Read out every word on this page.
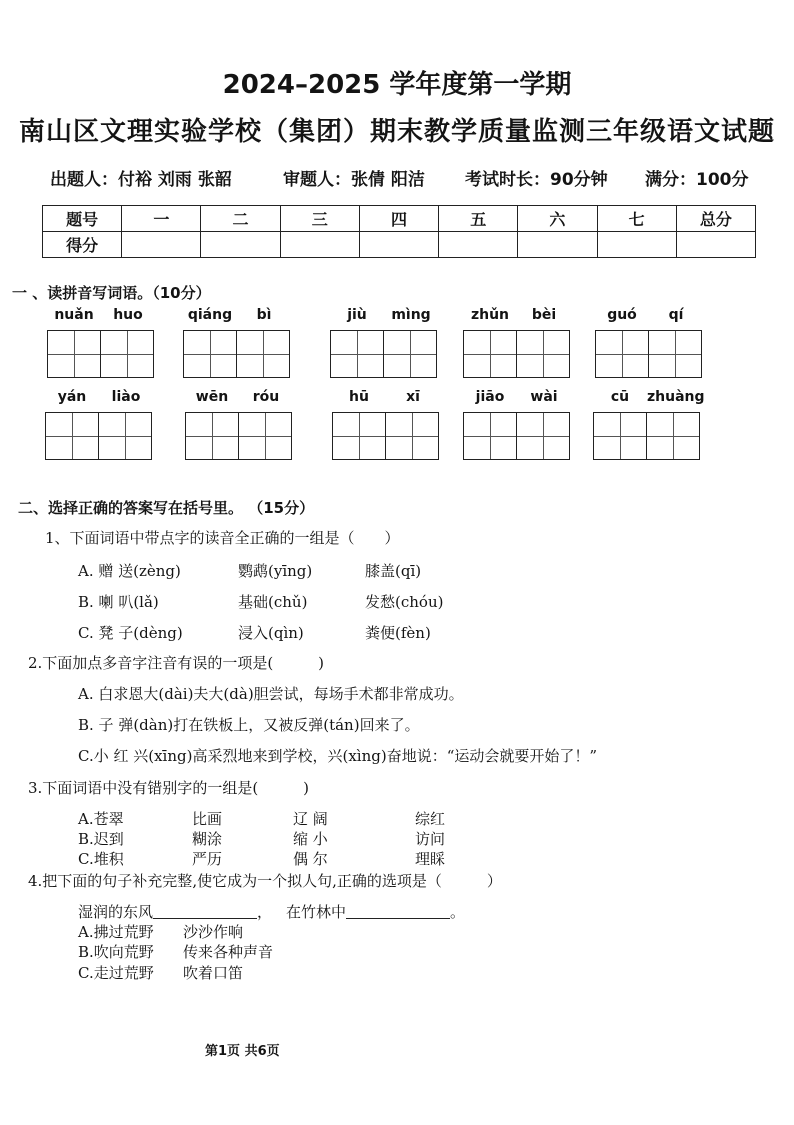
2024–2025 学年度第一学期
南山区文理实验学校（集团）期末教学质量监测三年级语文试题
出题人：付裕 刘雨 张韶	审题人：张倩 阳洁 考试时长：90分钟 满分：100分
题号	一	二	三	四	五	六	七	总分
得分								
一 、读拼音写词语。（10分）
nuǎn	huo	qiáng	bì	jiù	mìng	zhǔn	bèi	guó	qí
yán	liào	wēn	róu	hū	xī	jiāo	wài	cū	zhuàng
二、选择正确的答案写在括号里。 （15分）
1、下面词语中带点字的读音全正确的一组是（　　）
A. 赠 送(zèng)	鹦鹉(yīng)	膝盖(qī)
B. 喇 叭(lǎ)	基础(chǔ)	发愁(chóu)
C. 凳 子(dèng)	浸入(qìn)	粪便(fèn)
2.下面加点多音字注音有误的一项是(　　　)
A. 白求恩大(dài)夫大(dà)胆尝试，每场手术都非常成功。
B. 子 弹(dàn)打在铁板上，又被反弹(tán)回来了。
C.小 红 兴(xīng)高采烈地来到学校，兴(xìng)奋地说：“运动会就要开始了！”
3.下面词语中没有错别字的一组是(　　　)
A.苍翠	比画	辽 阔	综红
B.迟到	糊涂	缩 小	访问
C.堆积	严历	偶 尔	理睬
4.把下面的句子补充完整,使它成为一个拟人句,正确的选项是（　　　）
湿润的东风	， 在竹林中	。
A.拂过荒野	沙沙作响
B.吹向荒野	传来各种声音
C.走过荒野	吹着口笛
第1页 共6页
